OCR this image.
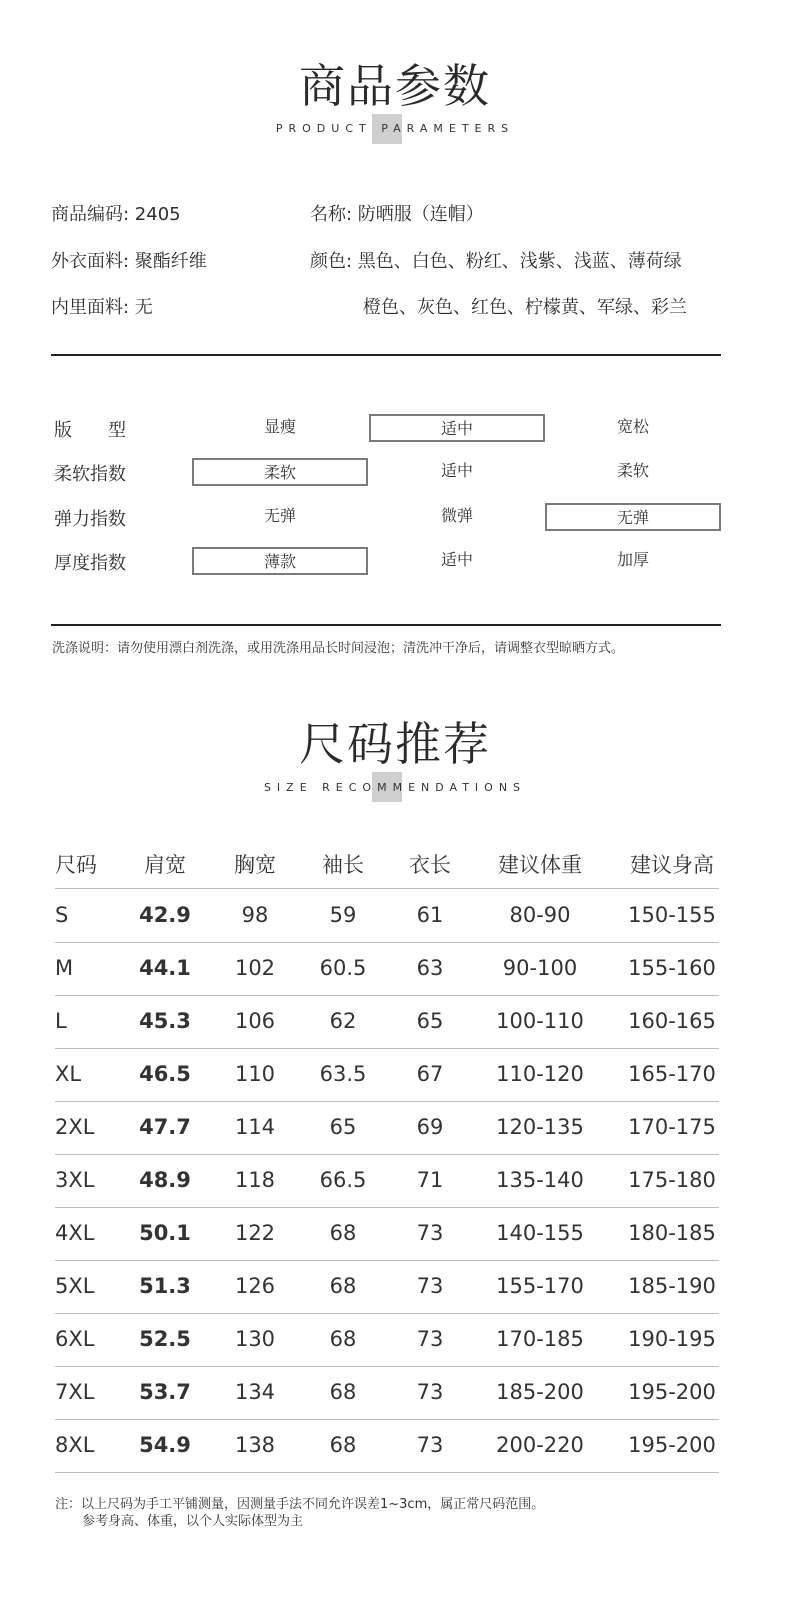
商品参数
PRODUCT PARAMETERS
商品编码: 2405	名称: 防晒服（连帽）
外衣面料: 聚酯纤维	颜色: 黑色、白色、粉红、浅紫、浅蓝、薄荷绿
内里面料: 无	橙色、灰色、红色、柠檬黄、军绿、彩兰
版　　型	显瘦	适中	宽松
柔软指数	柔软	适中	柔软
弹力指数	无弹	微弹	无弹
厚度指数	薄款	适中	加厚
洗涤说明：请勿使用漂白剂洗涤，或用洗涤用品长时间浸泡；清洗冲干净后，请调整衣型晾晒方式。
尺码推荐
SIZE RECOMMENDATIONS
尺码	肩宽	胸宽	袖长	衣长	建议体重	建议身高
S	42.9	98	59	61	80-90	150-155
M	44.1	102	60.5	63	90-100	155-160
L	45.3	106	62	65	100-110	160-165
XL	46.5	110	63.5	67	110-120	165-170
2XL	47.7	114	65	69	120-135	170-175
3XL	48.9	118	66.5	71	135-140	175-180
4XL	50.1	122	68	73	140-155	180-185
5XL	51.3	126	68	73	155-170	185-190
6XL	52.5	130	68	73	170-185	190-195
7XL	53.7	134	68	73	185-200	195-200
8XL	54.9	138	68	73	200-220	195-200
注：以上尺码为手工平铺测量，因测量手法不同允许误差1~3cm，属正常尺码范围。
参考身高、体重，以个人实际体型为主
